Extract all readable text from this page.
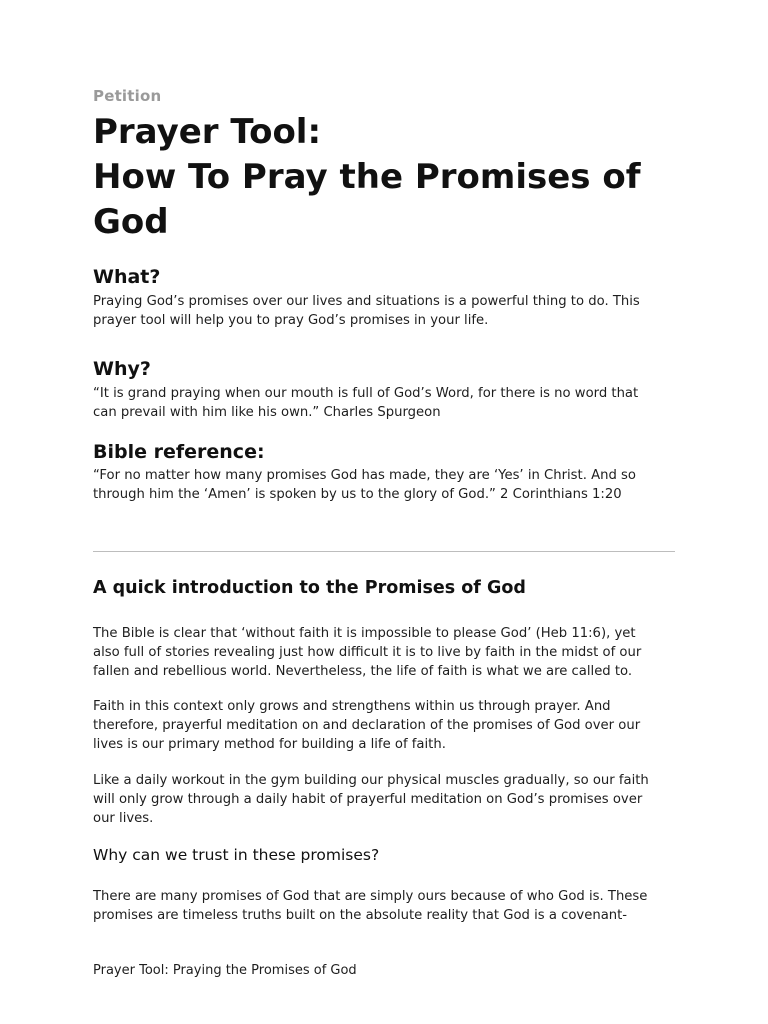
Petition
Prayer Tool:
How To Pray the Promises of
God
What?

Praying God’s promises over our lives and situations is a powerful thing to do. This
prayer tool will help you to pray God’s promises in your life.

Why?

“It is grand praying when our mouth is full of God’s Word, for there is no word that
can prevail with him like his own.” Charles Spurgeon

Bible reference:

“For no matter how many promises God has made, they are ‘Yes’ in Christ. And so
through him the ‘Amen’ is spoken by us to the glory of God.” 2 Corinthians 1:20

A quick introduction to the Promises of God

The Bible is clear that ‘without faith it is impossible to please God’ (Heb 11:6), yet
also full of stories revealing just how difficult it is to live by faith in the midst of our
fallen and rebellious world. Nevertheless, the life of faith is what we are called to.

Faith in this context only grows and strengthens within us through prayer. And
therefore, prayerful meditation on and declaration of the promises of God over our
lives is our primary method for building a life of faith.

Like a daily workout in the gym building our physical muscles gradually, so our faith
will only grow through a daily habit of prayerful meditation on God’s promises over
our lives.

Why can we trust in these promises?

There are many promises of God that are simply ours because of who God is. These
promises are timeless truths built on the absolute reality that God is a covenant-

Prayer Tool: Praying the Promises of God
